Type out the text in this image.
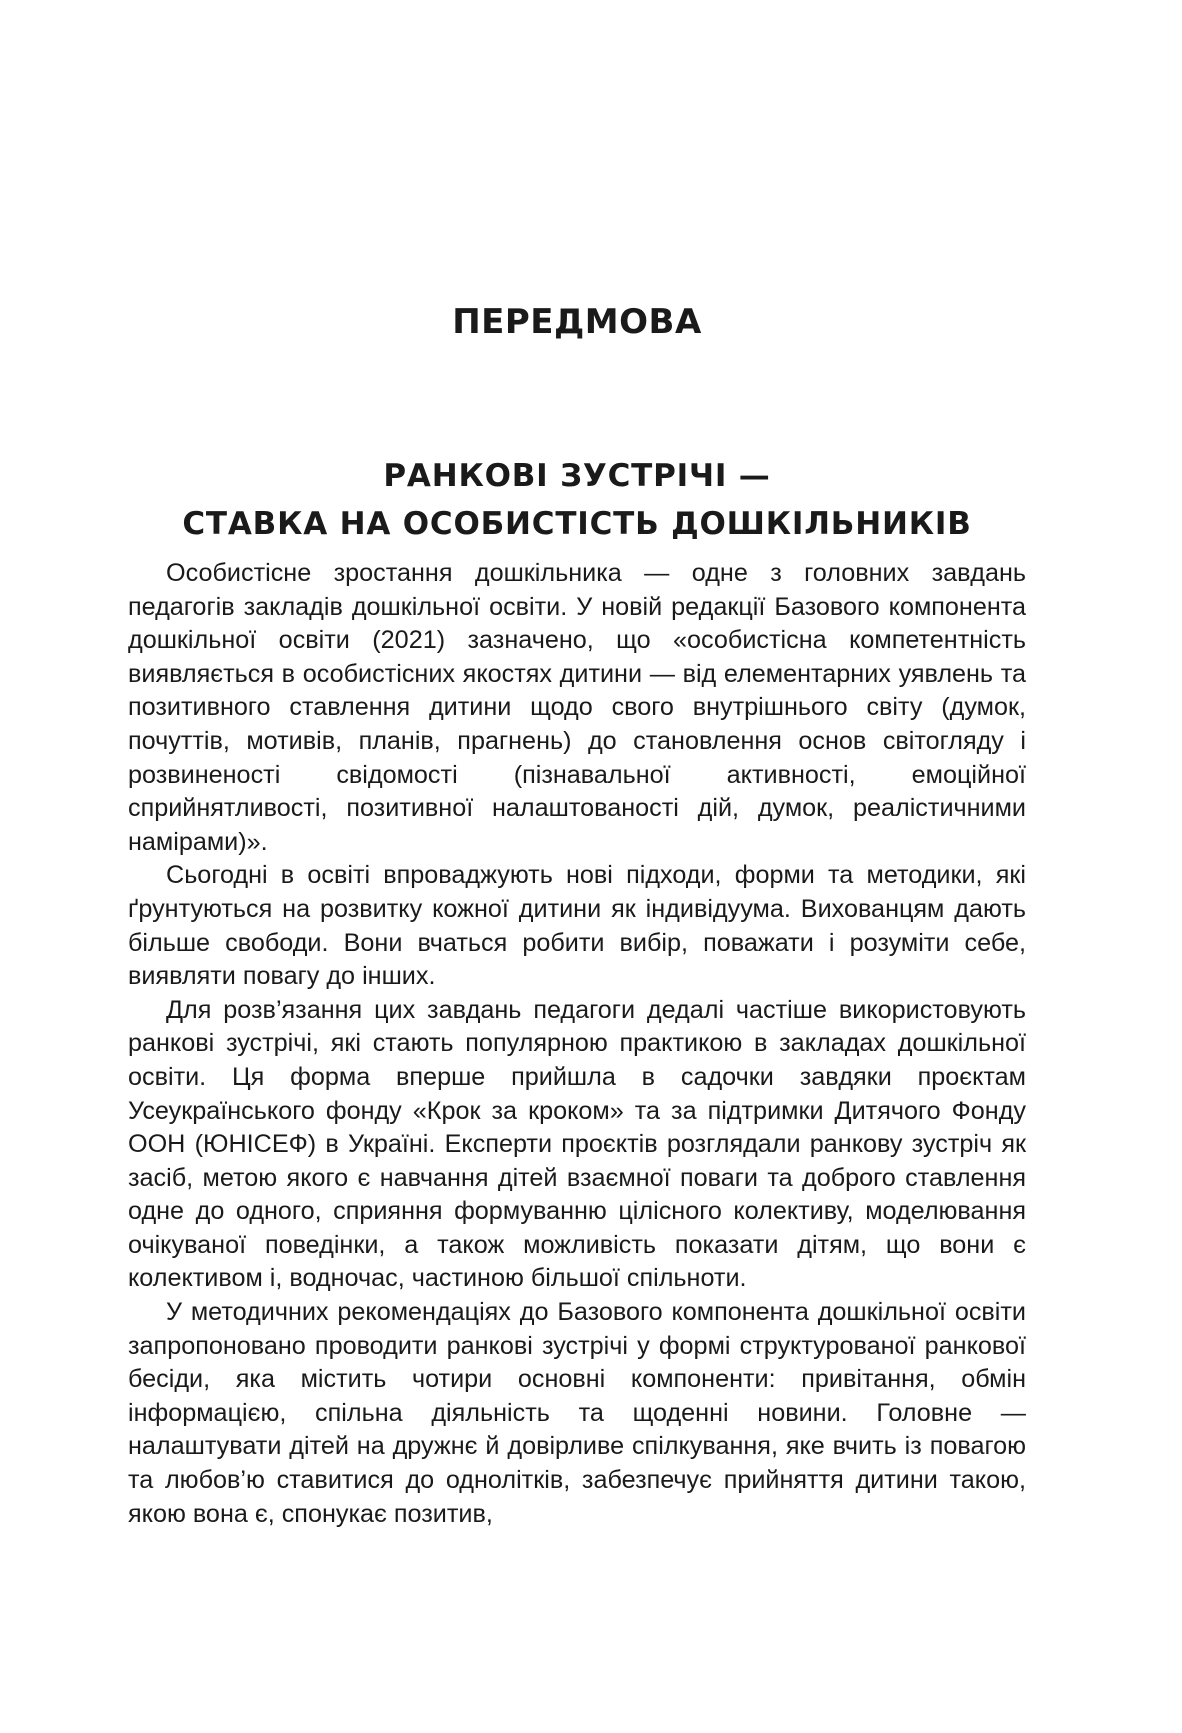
ПЕРЕДМОВА
РАНКОВІ ЗУСТРІЧІ —
СТАВКА НА ОСОБИСТІСТЬ ДОШКІЛЬНИКІВ

Особистісне зростання дошкільника — одне з головних завдань педагогів закладів дошкільної освіти. У новій редакції Базового компонента дошкільної освіти (2021) зазначено, що «особистісна компетентність виявляється в особистісних якостях дитини — від елементарних уявлень та позитивного ставлення дитини щодо свого внутрішнього світу (думок, почуттів, мотивів, планів, прагнень) до становлення основ світогляду і розвиненості свідомості (пізнавальної активності, емоційної сприйнятливості, позитивної налаштованості дій, думок, реалістичними намірами)».

Сьогодні в освіті впроваджують нові підходи, форми та методики, які ґрунтуються на розвитку кожної дитини як індивідуума. Вихованцям дають більше свободи. Вони вчаться робити вибір, поважати і розуміти себе, виявляти повагу до інших.

Для розв’язання цих завдань педагоги дедалі частіше використовують ранкові зустрічі, які стають популярною практикою в закладах дошкільної освіти. Ця форма вперше прийшла в садочки завдяки проєктам Усеукраїнського фонду «Крок за кроком» та за підтримки Дитячого Фонду ООН (ЮНІСЕФ) в Україні. Експерти проєктів розглядали ранкову зустріч як засіб, метою якого є навчання дітей взаємної поваги та доброго ставлення одне до одного, сприяння формуванню цілісного колективу, моделювання очікуваної поведінки, а також можливість показати дітям, що вони є колективом і, водночас, частиною більшої спільноти.

У методичних рекомендаціях до Базового компонента дошкільної освіти запропоновано проводити ранкові зустрічі у формі структурованої ранкової бесіди, яка містить чотири основні компоненти: привітання, обмін інформацією, спільна діяльність та щоденні новини. Головне — налаштувати дітей на дружнє й довірливе спілкування, яке вчить із повагою та любов’ю ставитися до однолітків, забезпечує прийняття дитини такою, якою вона є, спонукає позитив,
